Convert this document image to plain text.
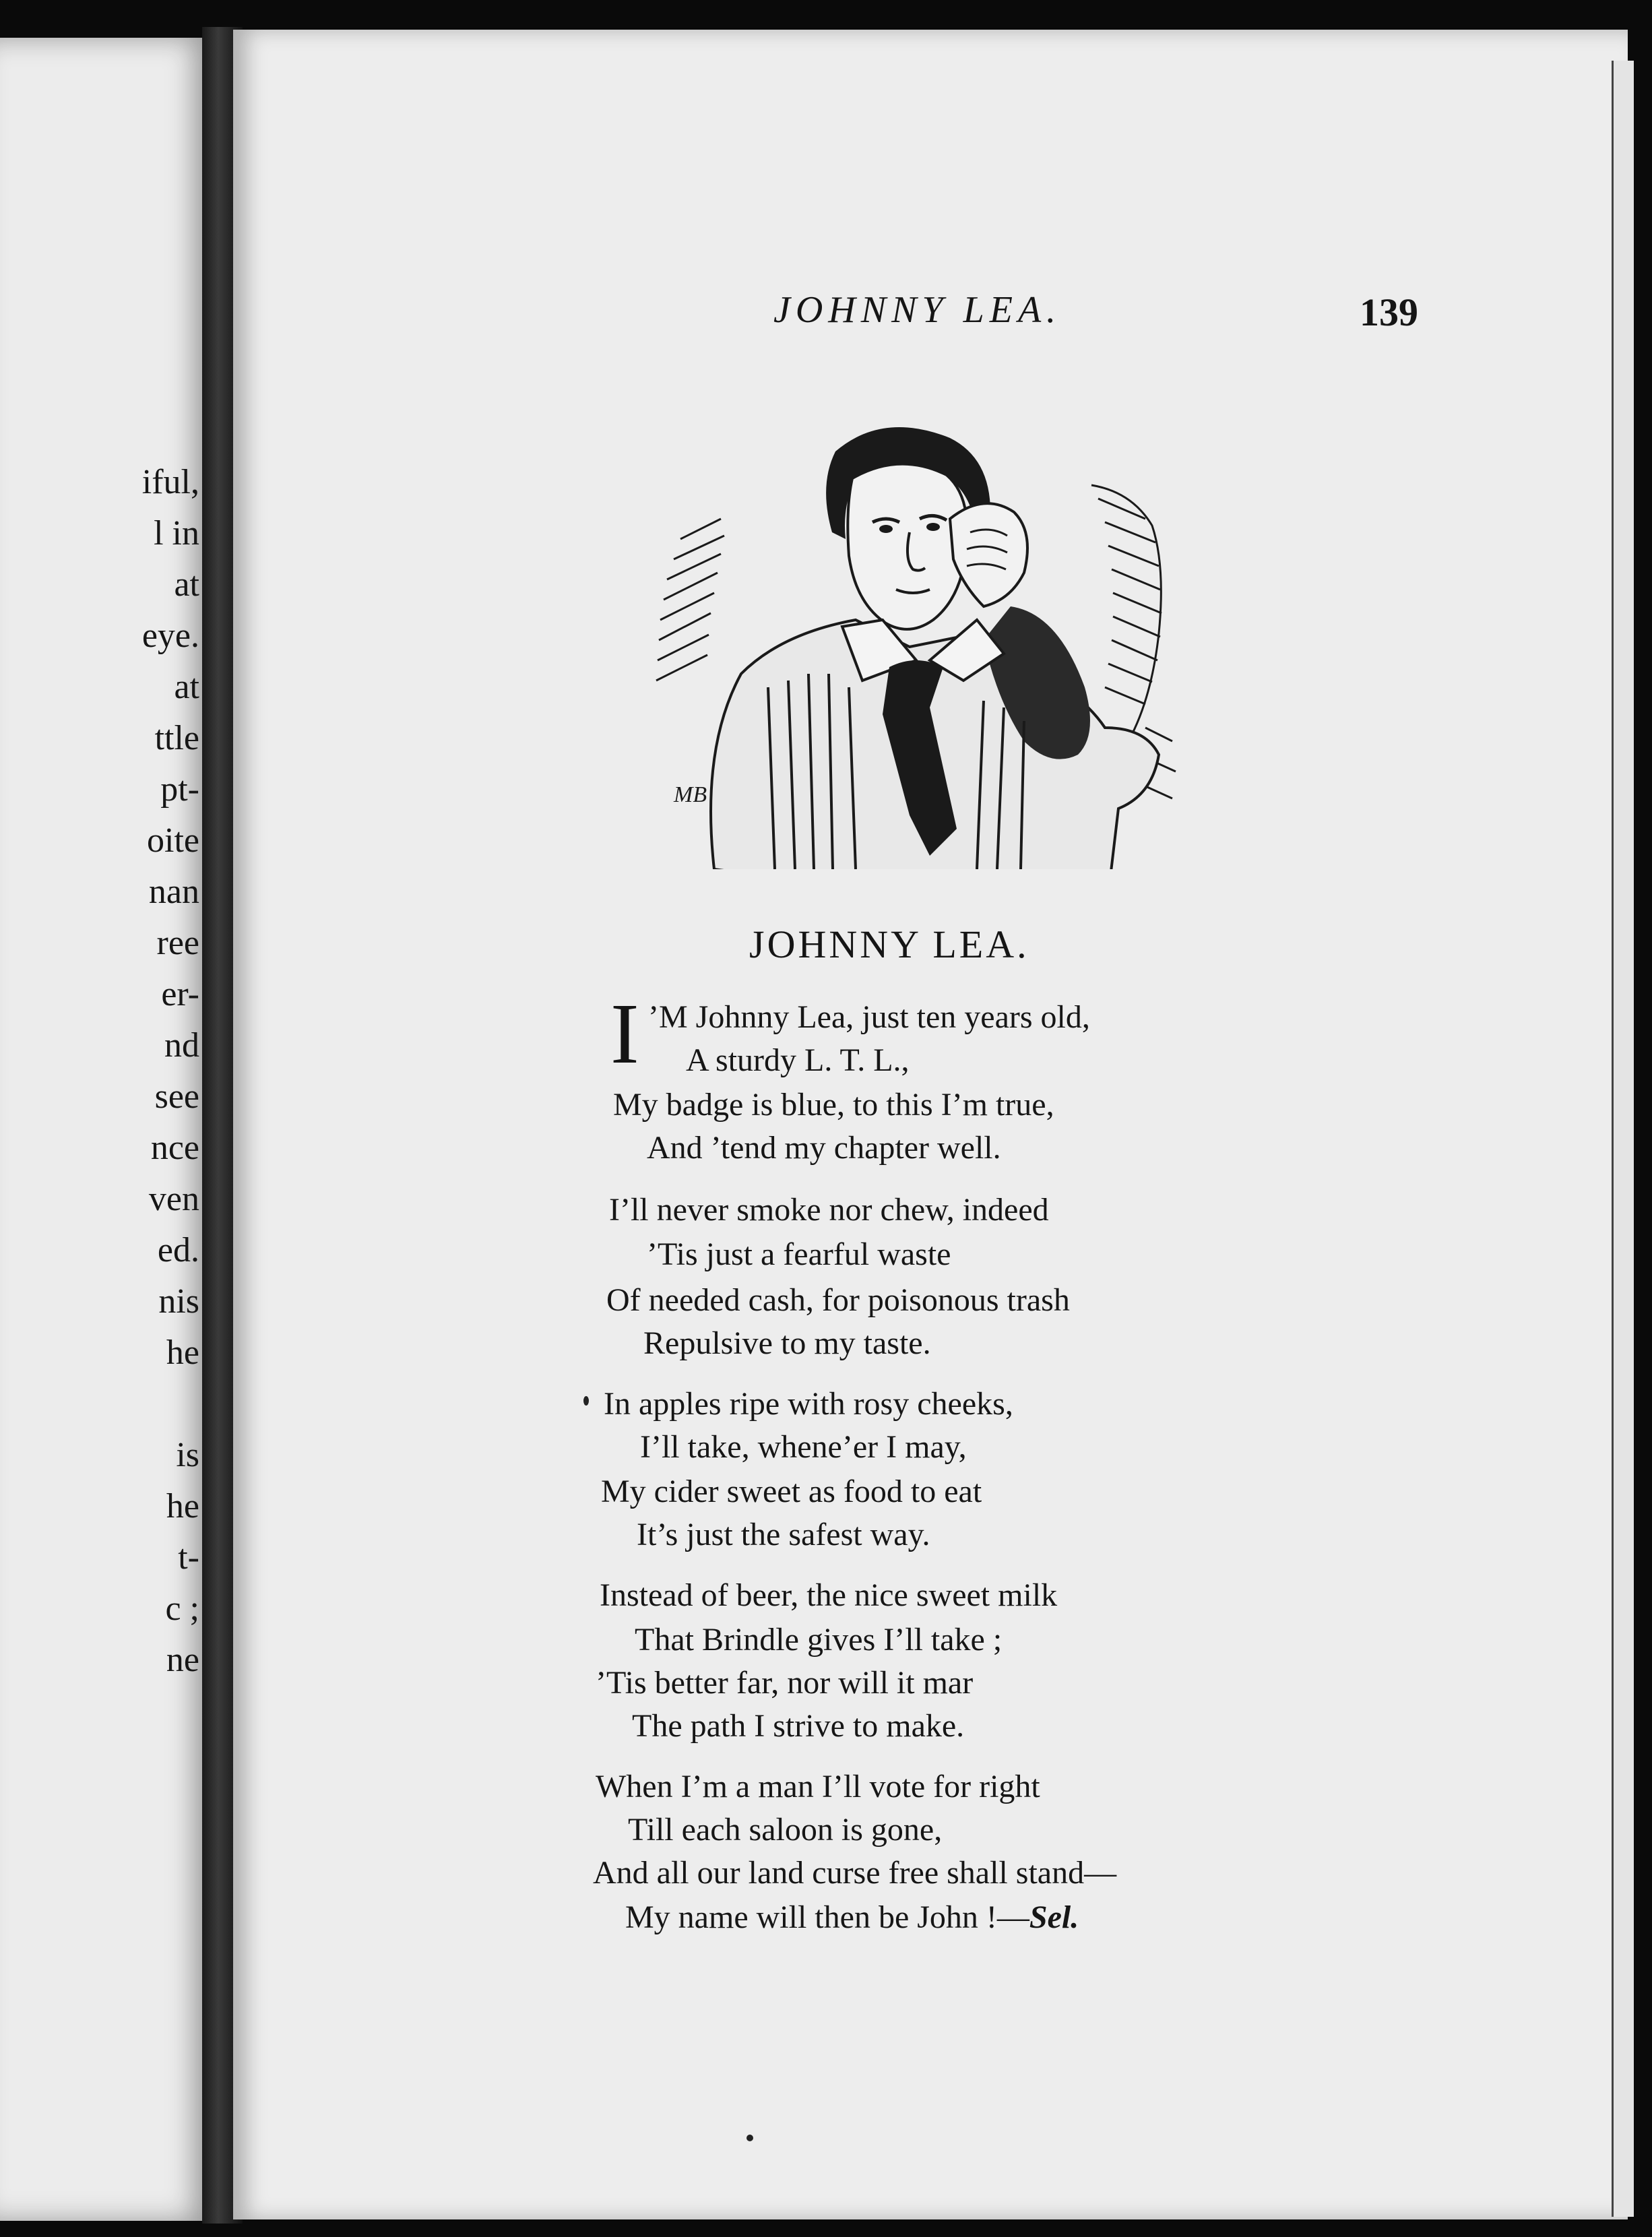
iful,
l in
at
eye.
at
ttle
pt-
oite
nan
ree
er-
nd
see
nce
ven
ed.
nis
he
is
he
t-
c ;
ne
JOHNNY LEA.	139
MB
JOHNNY LEA.
I ’M Johnny Lea, just ten years old,
A sturdy L. T. L.,
My badge is blue, to this I’m true,
And ’tend my chapter well.
I’ll never smoke nor chew, indeed
’Tis just a fearful waste
Of needed cash, for poisonous trash
Repulsive to my taste.
In apples ripe with rosy cheeks,
I’ll take, whene’er I may,
My cider sweet as food to eat
It’s just the safest way.
Instead of beer, the nice sweet milk
That Brindle gives I’ll take ;
’Tis better far, nor will it mar
The path I strive to make.
When I’m a man I’ll vote for right
Till each saloon is gone,
And all our land curse free shall stand—
My name will then be John !—Sel.
